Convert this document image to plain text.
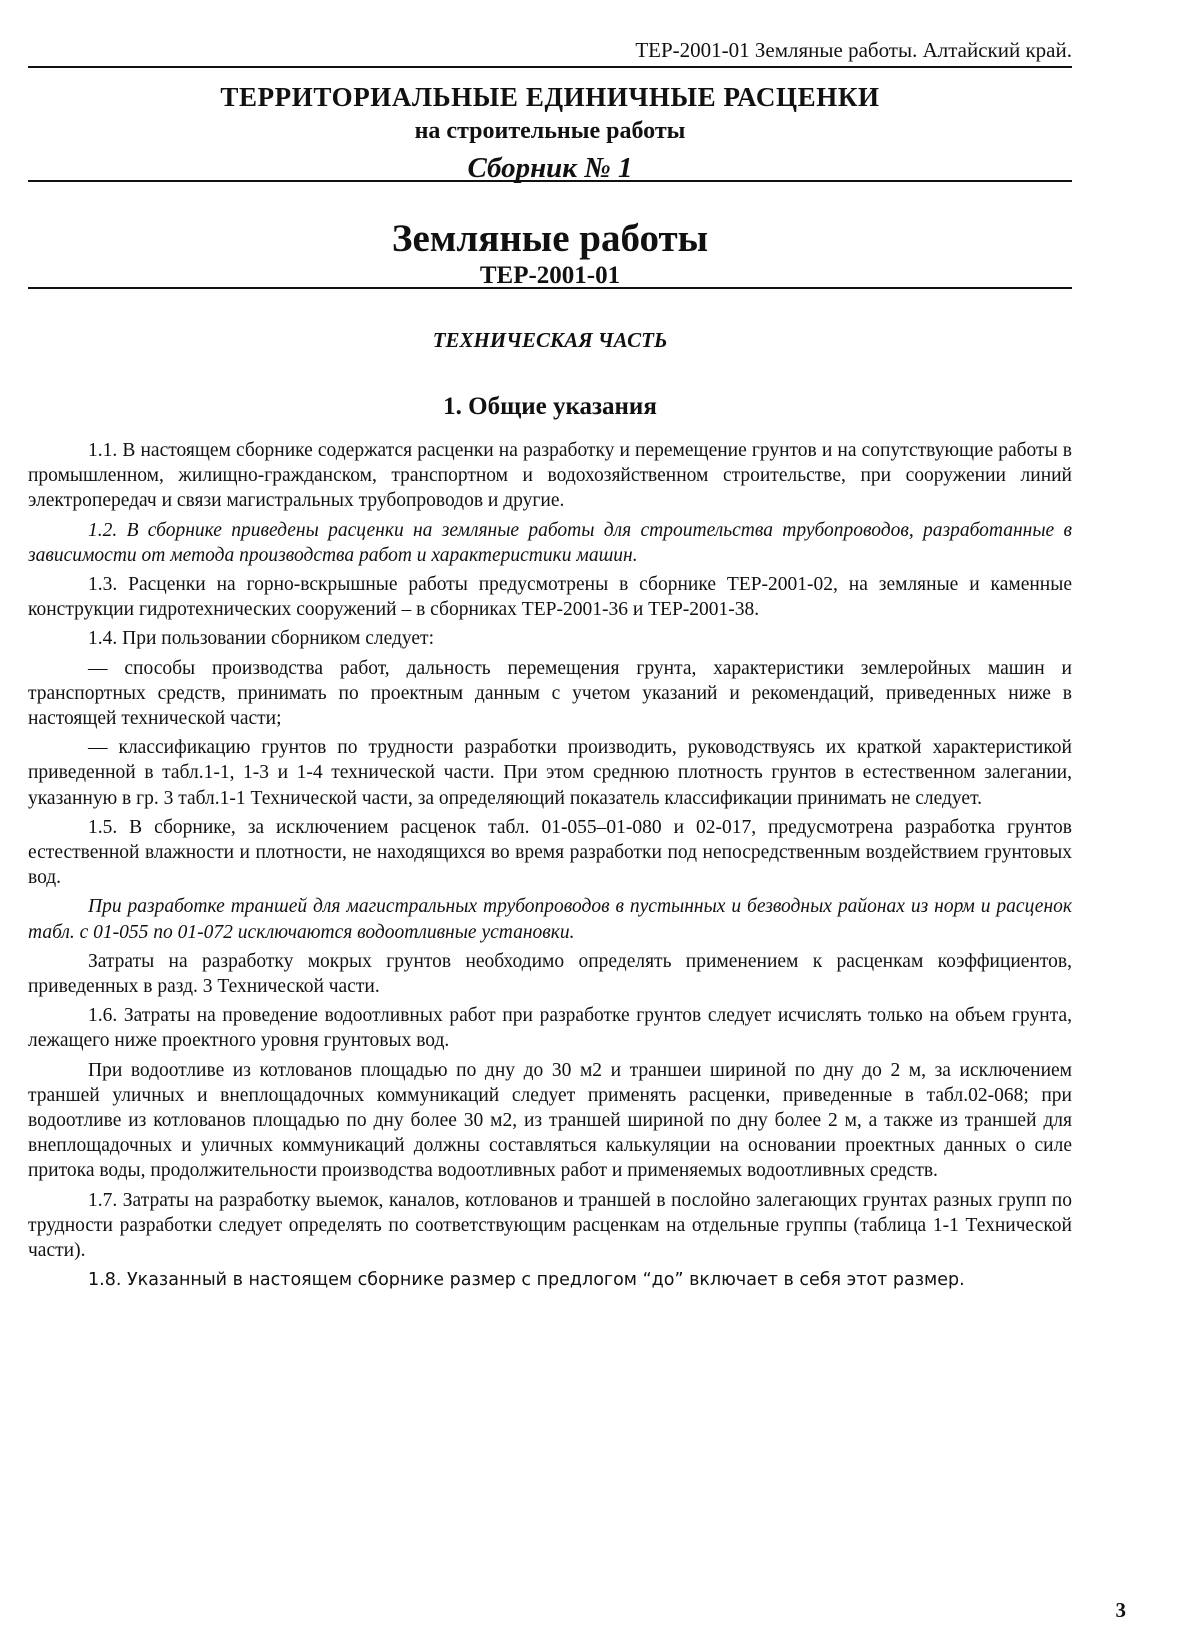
ТЕР-2001-01 Земляные работы. Алтайский край.
ТЕРРИТОРИАЛЬНЫЕ ЕДИНИЧНЫЕ РАСЦЕНКИ
на строительные работы
Сборник № 1
Земляные работы
ТЕР-2001-01
ТЕХНИЧЕСКАЯ ЧАСТЬ
1. Общие указания

1.1. В настоящем сборнике содержатся расценки на разработку и перемещение грунтов и на сопутствующие работы в промышленном, жилищно-гражданском, транспортном и водохозяйственном строительстве, при сооружении линий электропередач и связи магистральных трубопроводов и другие.

1.2. В сборнике приведены расценки на земляные работы для строительства трубопроводов, разработанные в зависимости от метода производства работ и характеристики машин.

1.3. Расценки на горно-вскрышные работы предусмотрены в сборнике ТЕР-2001-02, на земляные и каменные конструкции гидротехнических сооружений – в сборниках ТЕР-2001-36 и ТЕР-2001-38.

1.4. При пользовании сборником следует:

— способы производства работ, дальность перемещения грунта, характеристики землеройных машин и транспортных средств, принимать по проектным данным с учетом указаний и рекомендаций, приведенных ниже в настоящей технической части;

— классификацию грунтов по трудности разработки производить, руководствуясь их краткой характеристикой приведенной в табл.1-1, 1-3 и 1-4 технической части. При этом среднюю плотность грунтов в естественном залегании, указанную в гр. 3 табл.1-1 Технической части, за определяющий показатель классификации принимать не следует.

1.5. В сборнике, за исключением расценок табл. 01-055–01-080 и 02-017, предусмотрена разработка грунтов естественной влажности и плотности, не находящихся во время разработки под непосредственным воздействием грунтовых вод.

При разработке траншей для магистральных трубопроводов в пустынных и безводных районах из норм и расценок табл. с 01-055 по 01-072 исключаются водоотливные установки.

Затраты на разработку мокрых грунтов необходимо определять применением к расценкам коэффициентов, приведенных в разд. 3 Технической части.

1.6. Затраты на проведение водоотливных работ при разработке грунтов следует исчислять только на объем грунта, лежащего ниже проектного уровня грунтовых вод.

При водоотливе из котлованов площадью по дну до 30 м2 и траншеи шириной по дну до 2 м, за исключением траншей уличных и внеплощадочных коммуникаций следует применять расценки, приведенные в табл.02-068; при водоотливе из котлованов площадью по дну более 30 м2, из траншей шириной по дну более 2 м, а также из траншей для внеплощадочных и уличных коммуникаций должны составляться калькуляции на основании проектных данных о силе притока воды, продолжительности производства водоотливных работ и применяемых водоотливных средств.

1.7. Затраты на разработку выемок, каналов, котлованов и траншей в послойно залегающих грунтах разных групп по трудности разработки следует определять по соответствующим расценкам на отдельные группы (таблица 1-1 Технической части).

1.8. Указанный в настоящем сборнике размер с предлогом “до” включает в себя этот размер.

3
